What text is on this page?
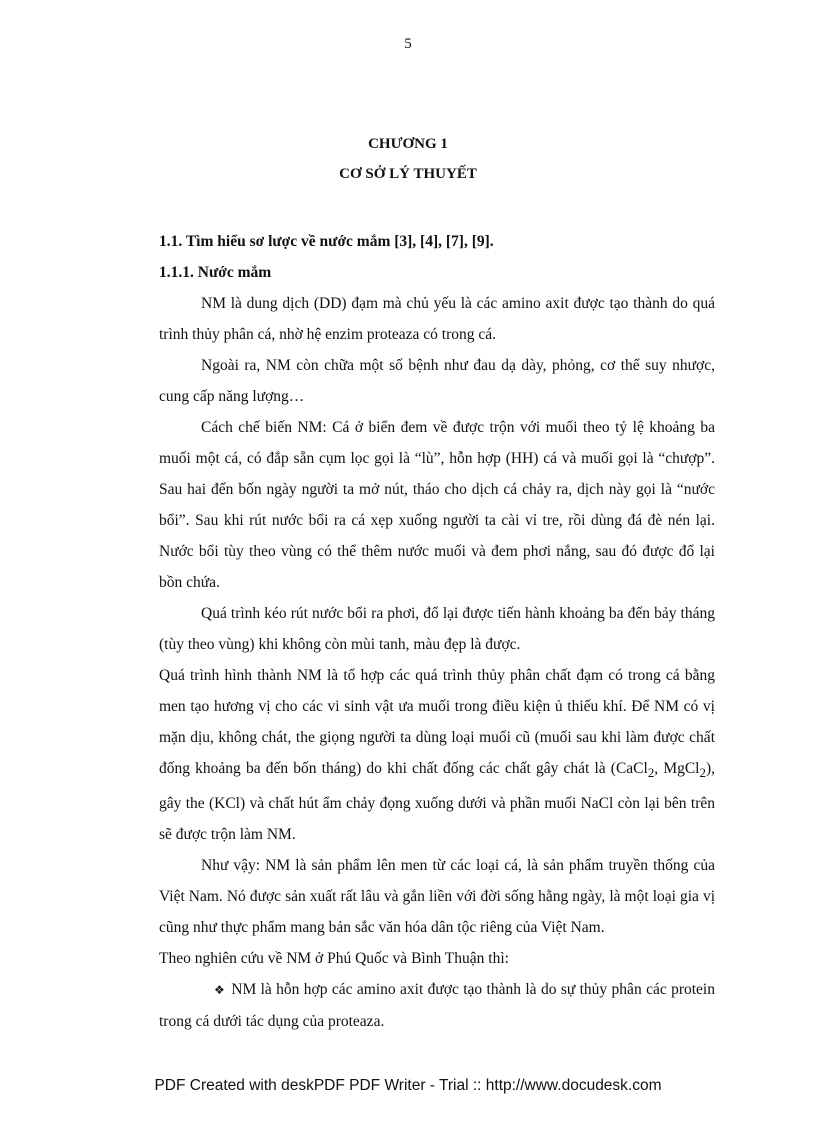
5
CHƯƠNG 1
CƠ SỞ LÝ THUYẾT

1.1. Tìm hiểu sơ lược về nước mắm [3], [4], [7], [9].

1.1.1. Nước mắm

NM là dung dịch (DD) đạm mà chủ yếu là các amino axit được tạo thành do quá trình thủy phân cá, nhờ hệ enzim proteaza có trong cá.

Ngoài ra, NM còn chữa một số bệnh như đau dạ dày, phỏng, cơ thể suy nhược, cung cấp năng lượng…

Cách chế biến NM: Cá ở biển đem về được trộn với muối theo tỷ lệ khoảng ba muối một cá, có đắp sẵn cụm lọc gọi là “lù”, hỗn hợp (HH) cá và muối gọi là “chượp”. Sau hai đến bốn ngày người ta mở nút, tháo cho dịch cá chảy ra, dịch này gọi là “nước bổi”. Sau khi rút nước bổi ra cá xẹp xuống người ta cài vỉ tre, rồi dùng đá đè nén lại. Nước bổi tùy theo vùng có thể thêm nước muối và đem phơi nắng, sau đó được đổ lại bồn chứa.

Quá trình kéo rút nước bổi ra phơi, đổ lại được tiến hành khoảng ba đến bảy tháng (tùy theo vùng) khi không còn mùi tanh, màu đẹp là được.

Quá trình hình thành NM là tổ hợp các quá trình thủy phân chất đạm có trong cá bằng men tạo hương vị cho các vi sinh vật ưa muối trong điều kiện ủ thiếu khí. Để NM có vị mặn dịu, không chát, the giọng người ta dùng loại muối cũ (muối sau khi làm được chất đống khoảng ba đến bốn tháng) do khi chất đống các chất gây chát là (CaCl$_2$, MgCl$_2$), gây the (KCl) và chất hút ẩm chảy đọng xuống dưới và phần muối NaCl còn lại bên trên sẽ được trộn làm NM.

Như vậy: NM là sản phẩm lên men từ các loại cá, là sản phẩm truyền thống của Việt Nam. Nó được sản xuất rất lâu và gắn liền với đời sống hằng ngày, là một loại gia vị cũng như thực phẩm mang bản sắc văn hóa dân tộc riêng của Việt Nam.

Theo nghiên cứu về NM ở Phú Quốc và Bình Thuận thì:

❖ NM là hỗn hợp các amino axit được tạo thành là do sự thủy phân các protein trong cá dưới tác dụng của proteaza.

PDF Created with deskPDF PDF Writer - Trial :: http://www.docudesk.com
